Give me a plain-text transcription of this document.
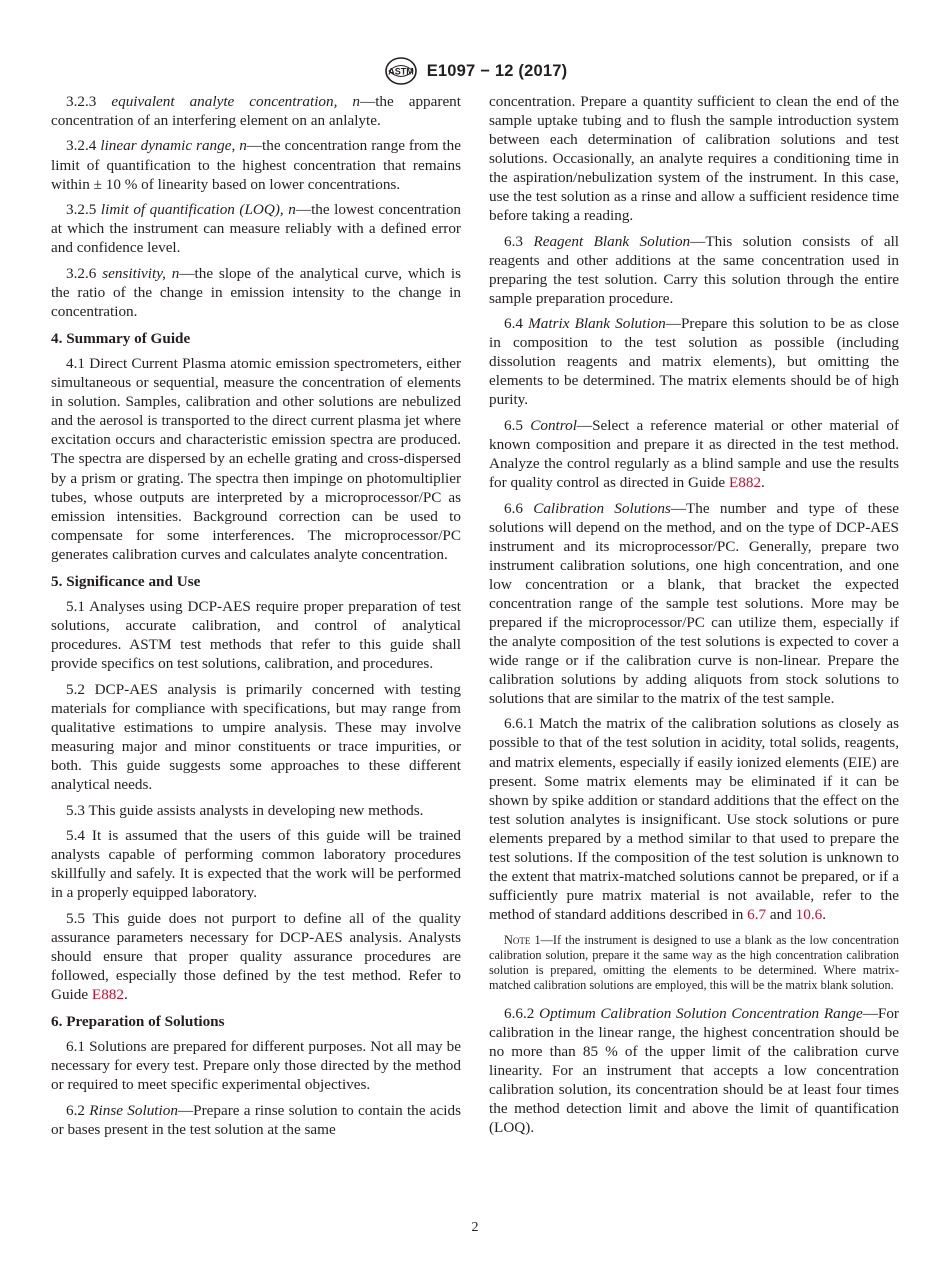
ASTM E1097 − 12 (2017)

3.2.3 equivalent analyte concentration, n—the apparent concentration of an interfering element on an anlalyte.

3.2.4 linear dynamic range, n—the concentration range from the limit of quantification to the highest concentration that remains within ± 10 % of linearity based on lower concentrations.

3.2.5 limit of quantification (LOQ), n—the lowest concentration at which the instrument can measure reliably with a defined error and confidence level.

3.2.6 sensitivity, n—the slope of the analytical curve, which is the ratio of the change in emission intensity to the change in concentration.

4. Summary of Guide

4.1 Direct Current Plasma atomic emission spectrometers, either simultaneous or sequential, measure the concentration of elements in solution. Samples, calibration and other solutions are nebulized and the aerosol is transported to the direct current plasma jet where excitation occurs and characteristic emission spectra are produced. The spectra are dispersed by an echelle grating and cross-dispersed by a prism or grating. The spectra then impinge on photomultiplier tubes, whose outputs are interpreted by a microprocessor/PC as emission intensities. Background correction can be used to compensate for some interferences. The microprocessor/PC generates calibration curves and calculates analyte concentration.

5. Significance and Use

5.1 Analyses using DCP-AES require proper preparation of test solutions, accurate calibration, and control of analytical procedures. ASTM test methods that refer to this guide shall provide specifics on test solutions, calibration, and procedures.

5.2 DCP-AES analysis is primarily concerned with testing materials for compliance with specifications, but may range from qualitative estimations to umpire analysis. These may involve measuring major and minor constituents or trace impurities, or both. This guide suggests some approaches to these different analytical needs.

5.3 This guide assists analysts in developing new methods.

5.4 It is assumed that the users of this guide will be trained analysts capable of performing common laboratory procedures skillfully and safely. It is expected that the work will be performed in a properly equipped laboratory.

5.5 This guide does not purport to define all of the quality assurance parameters necessary for DCP-AES analysis. Analysts should ensure that proper quality assurance procedures are followed, especially those defined by the test method. Refer to Guide E882.

6. Preparation of Solutions

6.1 Solutions are prepared for different purposes. Not all may be necessary for every test. Prepare only those directed by the method or required to meet specific experimental objectives.

6.2 Rinse Solution—Prepare a rinse solution to contain the acids or bases present in the test solution at the same

concentration. Prepare a quantity sufficient to clean the end of the sample uptake tubing and to flush the sample introduction system between each determination of calibration solutions and test solutions. Occasionally, an analyte requires a conditioning time in the aspiration/nebulization system of the instrument. In this case, use the test solution as a rinse and allow a sufficient residence time before taking a reading.

6.3 Reagent Blank Solution—This solution consists of all reagents and other additions at the same concentration used in preparing the test solution. Carry this solution through the entire sample preparation procedure.

6.4 Matrix Blank Solution—Prepare this solution to be as close in composition to the test solution as possible (including dissolution reagents and matrix elements), but omitting the elements to be determined. The matrix elements should be of high purity.

6.5 Control—Select a reference material or other material of known composition and prepare it as directed in the test method. Analyze the control regularly as a blind sample and use the results for quality control as directed in Guide E882.

6.6 Calibration Solutions—The number and type of these solutions will depend on the method, and on the type of DCP-AES instrument and its microprocessor/PC. Generally, prepare two instrument calibration solutions, one high concentration, and one low concentration or a blank, that bracket the expected concentration range of the sample test solutions. More may be prepared if the microprocessor/PC can utilize them, especially if the analyte composition of the test solutions is expected to cover a wide range or if the calibration curve is non-linear. Prepare the calibration solutions by adding aliquots from stock solutions to solutions that are similar to the matrix of the test sample.

6.6.1 Match the matrix of the calibration solutions as closely as possible to that of the test solution in acidity, total solids, reagents, and matrix elements, especially if easily ionized elements (EIE) are present. Some matrix elements may be eliminated if it can be shown by spike addition or standard additions that the effect on the test solution analytes is insignificant. Use stock solutions or pure elements prepared by a method similar to that used to prepare the test solutions. If the composition of the test solution is unknown to the extent that matrix-matched solutions cannot be prepared, or if a sufficiently pure matrix material is not available, refer to the method of standard additions described in 6.7 and 10.6.

Note 1—If the instrument is designed to use a blank as the low concentration calibration solution, prepare it the same way as the high concentration calibration solution is prepared, omitting the elements to be determined. Where matrix-matched calibration solutions are employed, this will be the matrix blank solution.

6.6.2 Optimum Calibration Solution Concentration Range—For calibration in the linear range, the highest concentration should be no more than 85 % of the upper limit of the calibration curve linearity. For an instrument that accepts a low concentration calibration solution, its concentration should be at least four times the method detection limit and above the limit of quantification (LOQ).

2
